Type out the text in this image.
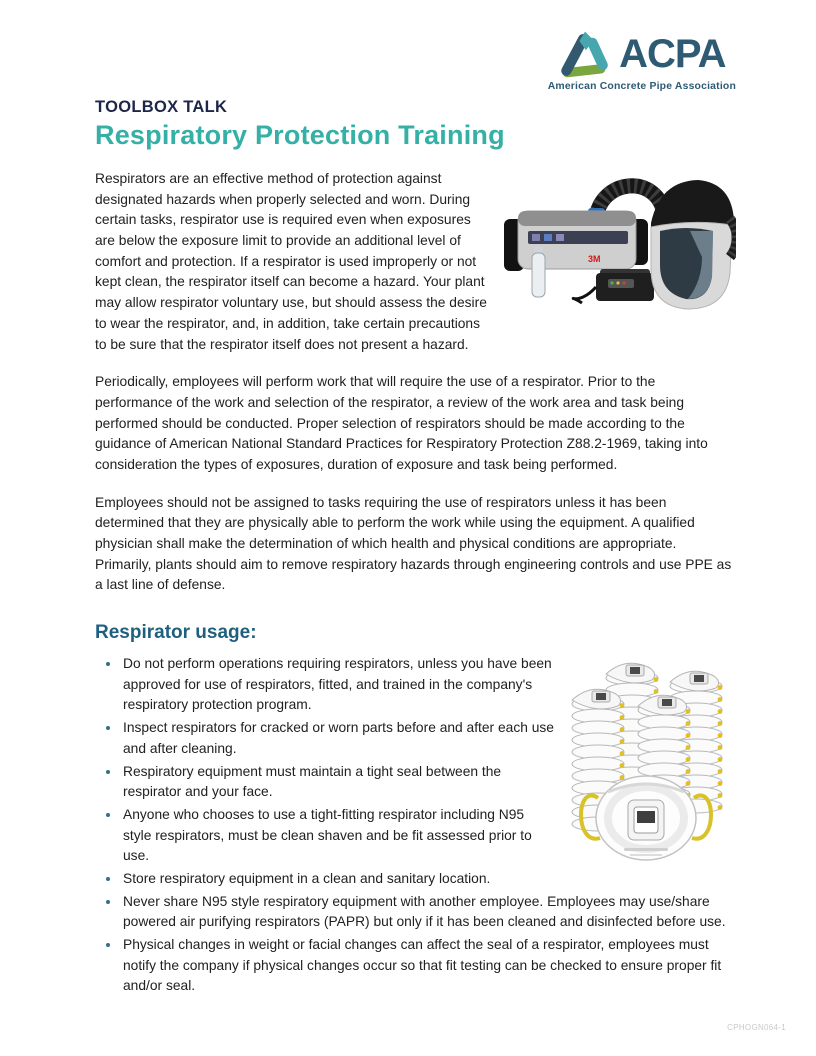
ACPA
American Concrete Pipe Association
TOOLBOX TALK
Respiratory Protection Training
3M
Respirators are an effective method of protection against designated hazards when properly selected and worn. During certain tasks, respirator use is required even when exposures are below the exposure limit to provide an additional level of comfort and protection. If a respirator is used improperly or not kept clean, the respirator itself can become a hazard. Your plant may allow respirator voluntary use, but should assess the desire to wear the respirator, and, in addition, take certain precautions to be sure that the respirator itself does not present a hazard.

Periodically, employees will perform work that will require the use of a respirator. Prior to the performance of the work and selection of the respirator, a review of the work area and task being performed should be conducted. Proper selection of respirators should be made according to the guidance of American National Standard Practices for Respiratory Protection Z88.2-1969, taking into consideration the types of exposures, duration of exposure and task being performed.

Employees should not be assigned to tasks requiring the use of respirators unless it has been determined that they are physically able to perform the work while using the equipment. A qualified physician shall make the determination of which health and physical conditions are appropriate. Primarily, plants should aim to remove respiratory hazards through engineering controls and use PPE as a last line of defense.

Respirator usage:
• Do not perform operations requiring respirators, unless you have been approved for use of respirators, fitted, and trained in the company's respiratory protection program.
• Inspect respirators for cracked or worn parts before and after each use and after cleaning.
• Respiratory equipment must maintain a tight seal between the respirator and your face.
• Anyone who chooses to use a tight-fitting respirator including N95 style respirators, must be clean shaven and be fit assessed prior to use.
• Store respiratory equipment in a clean and sanitary location.
• Never share N95 style respiratory equipment with another employee. Employees may use/share powered air purifying respirators (PAPR) but only if it has been cleaned and disinfected before use.
• Physical changes in weight or facial changes can affect the seal of a respirator, employees must notify the company if physical changes occur so that fit testing can be checked to ensure proper fit and/or seal.
CPHOGN064-1
